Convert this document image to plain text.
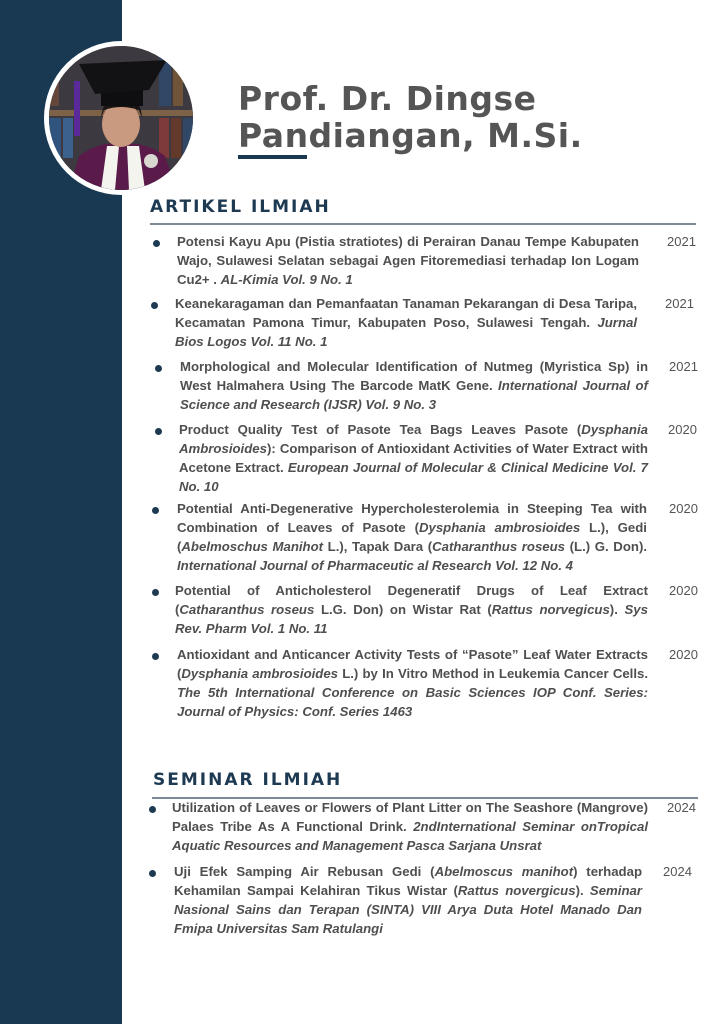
Prof. Dr. Dingse
Pandiangan, M.Si.
ARTIKEL ILMIAH
Potensi Kayu Apu (Pistia stratiotes) di Perairan Danau Tempe Kabupaten Wajo, Sulawesi Selatan sebagai Agen Fitoremediasi terhadap Ion Logam Cu2+ . AL-Kimia Vol. 9 No. 1
2021
Keanekaragaman dan Pemanfaatan Tanaman Pekarangan di Desa Taripa, Kecamatan Pamona Timur, Kabupaten Poso, Sulawesi Tengah. Jurnal Bios Logos Vol. 11 No. 1
2021
Morphological and Molecular Identification of Nutmeg (Myristica Sp) in West Halmahera Using The Barcode MatK Gene. International Journal of Science and Research (IJSR) Vol. 9 No. 3
2021
Product Quality Test of Pasote Tea Bags Leaves Pasote (Dysphania Ambrosioides): Comparison of Antioxidant Activities of Water Extract with Acetone Extract. European Journal of Molecular & Clinical Medicine Vol. 7 No. 10
2020
Potential Anti-Degenerative Hypercholesterolemia in Steeping Tea with Combination of Leaves of Pasote (Dysphania ambrosioides L.), Gedi (Abelmoschus Manihot L.), Tapak Dara (Catharanthus roseus (L.) G. Don). International Journal of Pharmaceutic al Research Vol. 12 No. 4
2020
Potential of Anticholesterol Degeneratif Drugs of Leaf Extract (Catharanthus roseus L.G. Don) on Wistar Rat (Rattus norvegicus). Sys Rev. Pharm Vol. 1 No. 11
2020
Antioxidant and Anticancer Activity Tests of “Pasote” Leaf Water Extracts (Dysphania ambrosioides L.) by In Vitro Method in Leukemia Cancer Cells. The 5th International Conference on Basic Sciences IOP Conf. Series: Journal of Physics: Conf. Series 1463
2020
SEMINAR ILMIAH
Utilization of Leaves or Flowers of Plant Litter on The Seashore (Mangrove) Palaes Tribe As A Functional Drink. 2ndInternational Seminar onTropical Aquatic Resources and Management Pasca Sarjana Unsrat
2024
Uji Efek Samping Air Rebusan Gedi (Abelmoscus manihot) terhadap Kehamilan Sampai Kelahiran Tikus Wistar (Rattus novergicus). Seminar Nasional Sains dan Terapan (SINTA) VIII Arya Duta Hotel Manado Dan Fmipa Universitas Sam Ratulangi
2024
